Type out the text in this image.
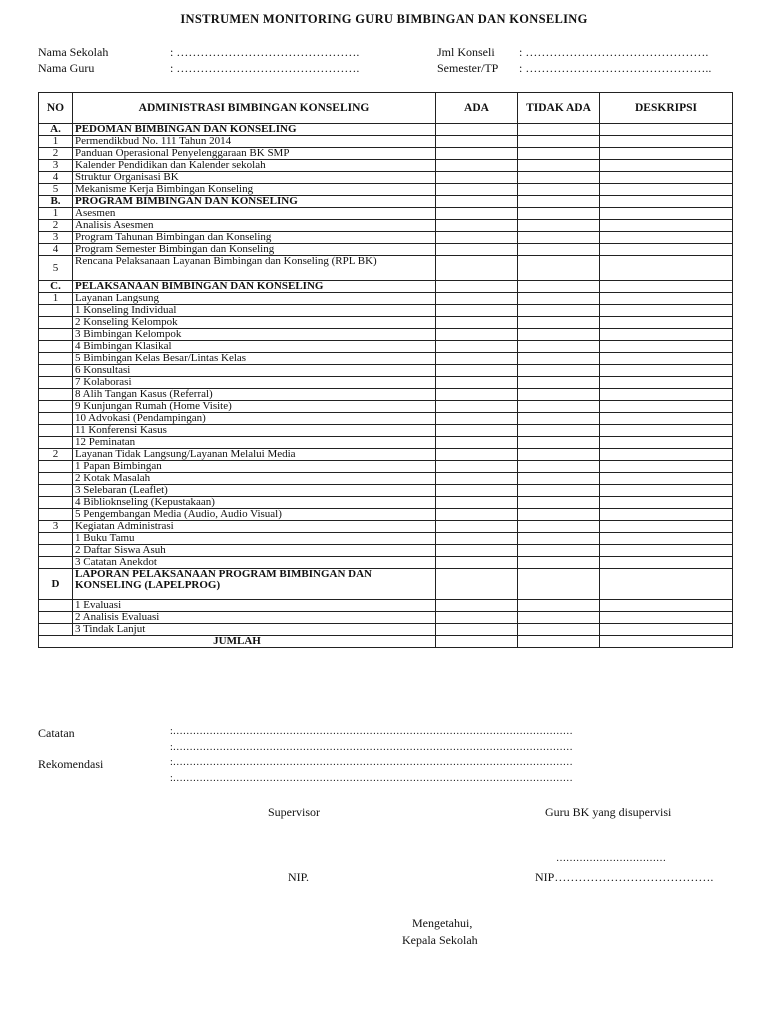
INSTRUMEN MONITORING GURU BIMBINGAN DAN KONSELING
Nama Sekolah	: ……………………………………….
Nama Guru	: ……………………………………….
Jml Konseli : ……………………………………….
Semester/TP : ………………………………………..
NO	ADMINISTRASI BIMBINGAN KONSELING	ADA	TIDAK ADA	DESKRIPSI
A.	PEDOMAN BIMBINGAN DAN KONSELING			
1	Permendikbud No. 111 Tahun 2014			
2	Panduan Operasional Penyelenggaraan BK SMP			
3	Kalender Pendidikan dan Kalender sekolah			
4	Struktur Organisasi BK			
5	Mekanisme Kerja Bimbingan Konseling			
B.	PROGRAM BIMBINGAN DAN KONSELING			
1	Asesmen			
2	Analisis Asesmen			
3	Program Tahunan Bimbingan dan Konseling			
4	Program Semester Bimbingan dan Konseling			
5	Rencana Pelaksanaan Layanan Bimbingan dan Konseling (RPL BK)			
C.	PELAKSANAAN BIMBINGAN DAN KONSELING			
1	Layanan Langsung			
	1 Konseling Individual			
	2 Konseling Kelompok			
	3 Bimbingan Kelompok			
	4 Bimbingan Klasikal			
	5 Bimbingan Kelas Besar/Lintas Kelas			
	6 Konsultasi			
	7 Kolaborasi			
	8 Alih Tangan Kasus (Referral)			
	9 Kunjungan Rumah (Home Visite)			
	10 Advokasi (Pendampingan)			
	11 Konferensi Kasus			
	12 Peminatan			
2	Layanan Tidak Langsung/Layanan Melalui Media			
	1 Papan Bimbingan			
	2 Kotak Masalah			
	3 Selebaran (Leaflet)			
	4 Biblioknseling (Kepustakaan)			
	5 Pengembangan Media (Audio, Audio Visual)			
3	Kegiatan Administrasi			
	1 Buku Tamu			
	2 Daftar Siswa Asuh			
	3 Catatan Anekdot			
D	LAPORAN PELAKSANAAN PROGRAM BIMBINGAN DAN KONSELING (LAPELPROG)			
	1 Evaluasi			
	2 Analisis Evaluasi			
	3 Tindak Lanjut			
JUMLAH				
Catatan	:…………………………………………………………………………………………………………
:…………………………………………………………………………………………………………
Rekomendasi	:…………………………………………………………………………………………………………
:…………………………………………………………………………………………………………
Supervisor	Guru BK yang disupervisi
……………………………
NIP.	NIP………………………………….
Mengetahui,
Kepala Sekolah
